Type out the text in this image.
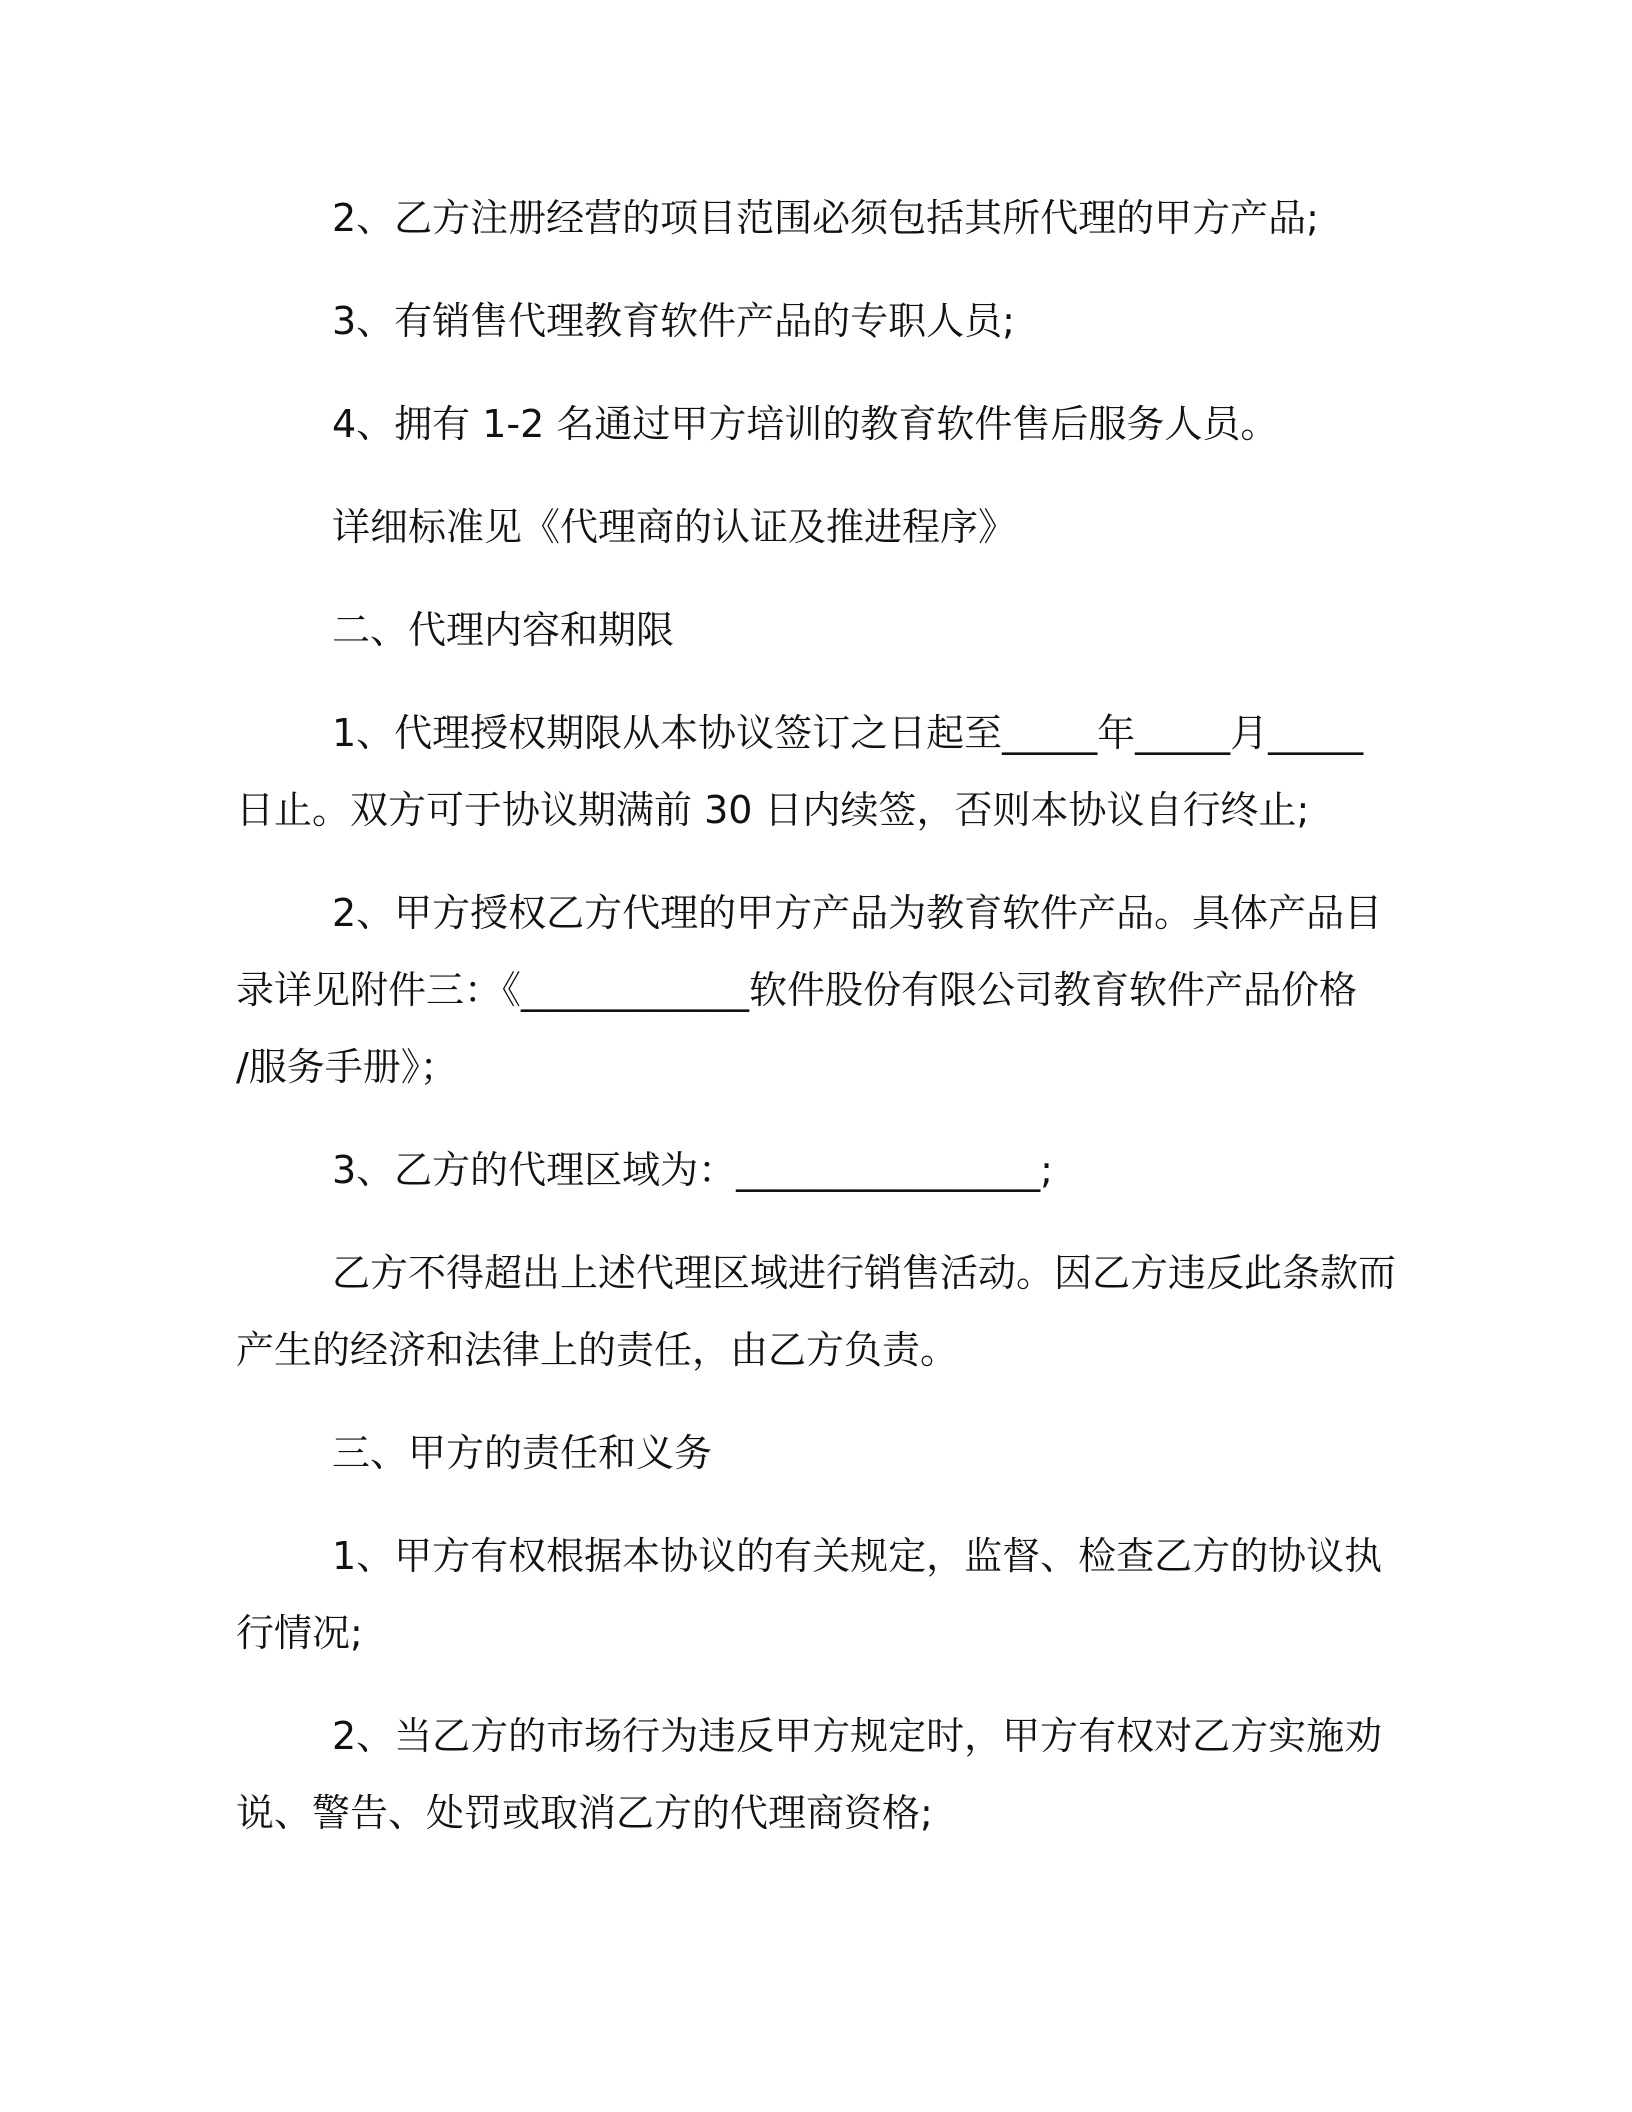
2、乙方注册经营的项目范围必须包括其所代理的甲方产品;

3、有销售代理教育软件产品的专职人员;

4、拥有 1-2 名通过甲方培训的教育软件售后服务人员。

详细标准见《代理商的认证及推进程序》

二、代理内容和期限

1、代理授权期限从本协议签订之日起至_____年_____月_____
日止。双方可于协议期满前 30 日内续签，否则本协议自行终止;
2、甲方授权乙方代理的甲方产品为教育软件产品。具体产品目
录详见附件三：《____________软件股份有限公司教育软件产品价格
/服务手册》；

3、乙方的代理区域为：________________;

乙方不得超出上述代理区域进行销售活动。因乙方违反此条款而
产生的经济和法律上的责任，由乙方负责。

三、甲方的责任和义务

1、甲方有权根据本协议的有关规定，监督、检查乙方的协议执
行情况;
2、当乙方的市场行为违反甲方规定时，甲方有权对乙方实施劝
说、警告、处罚或取消乙方的代理商资格;
